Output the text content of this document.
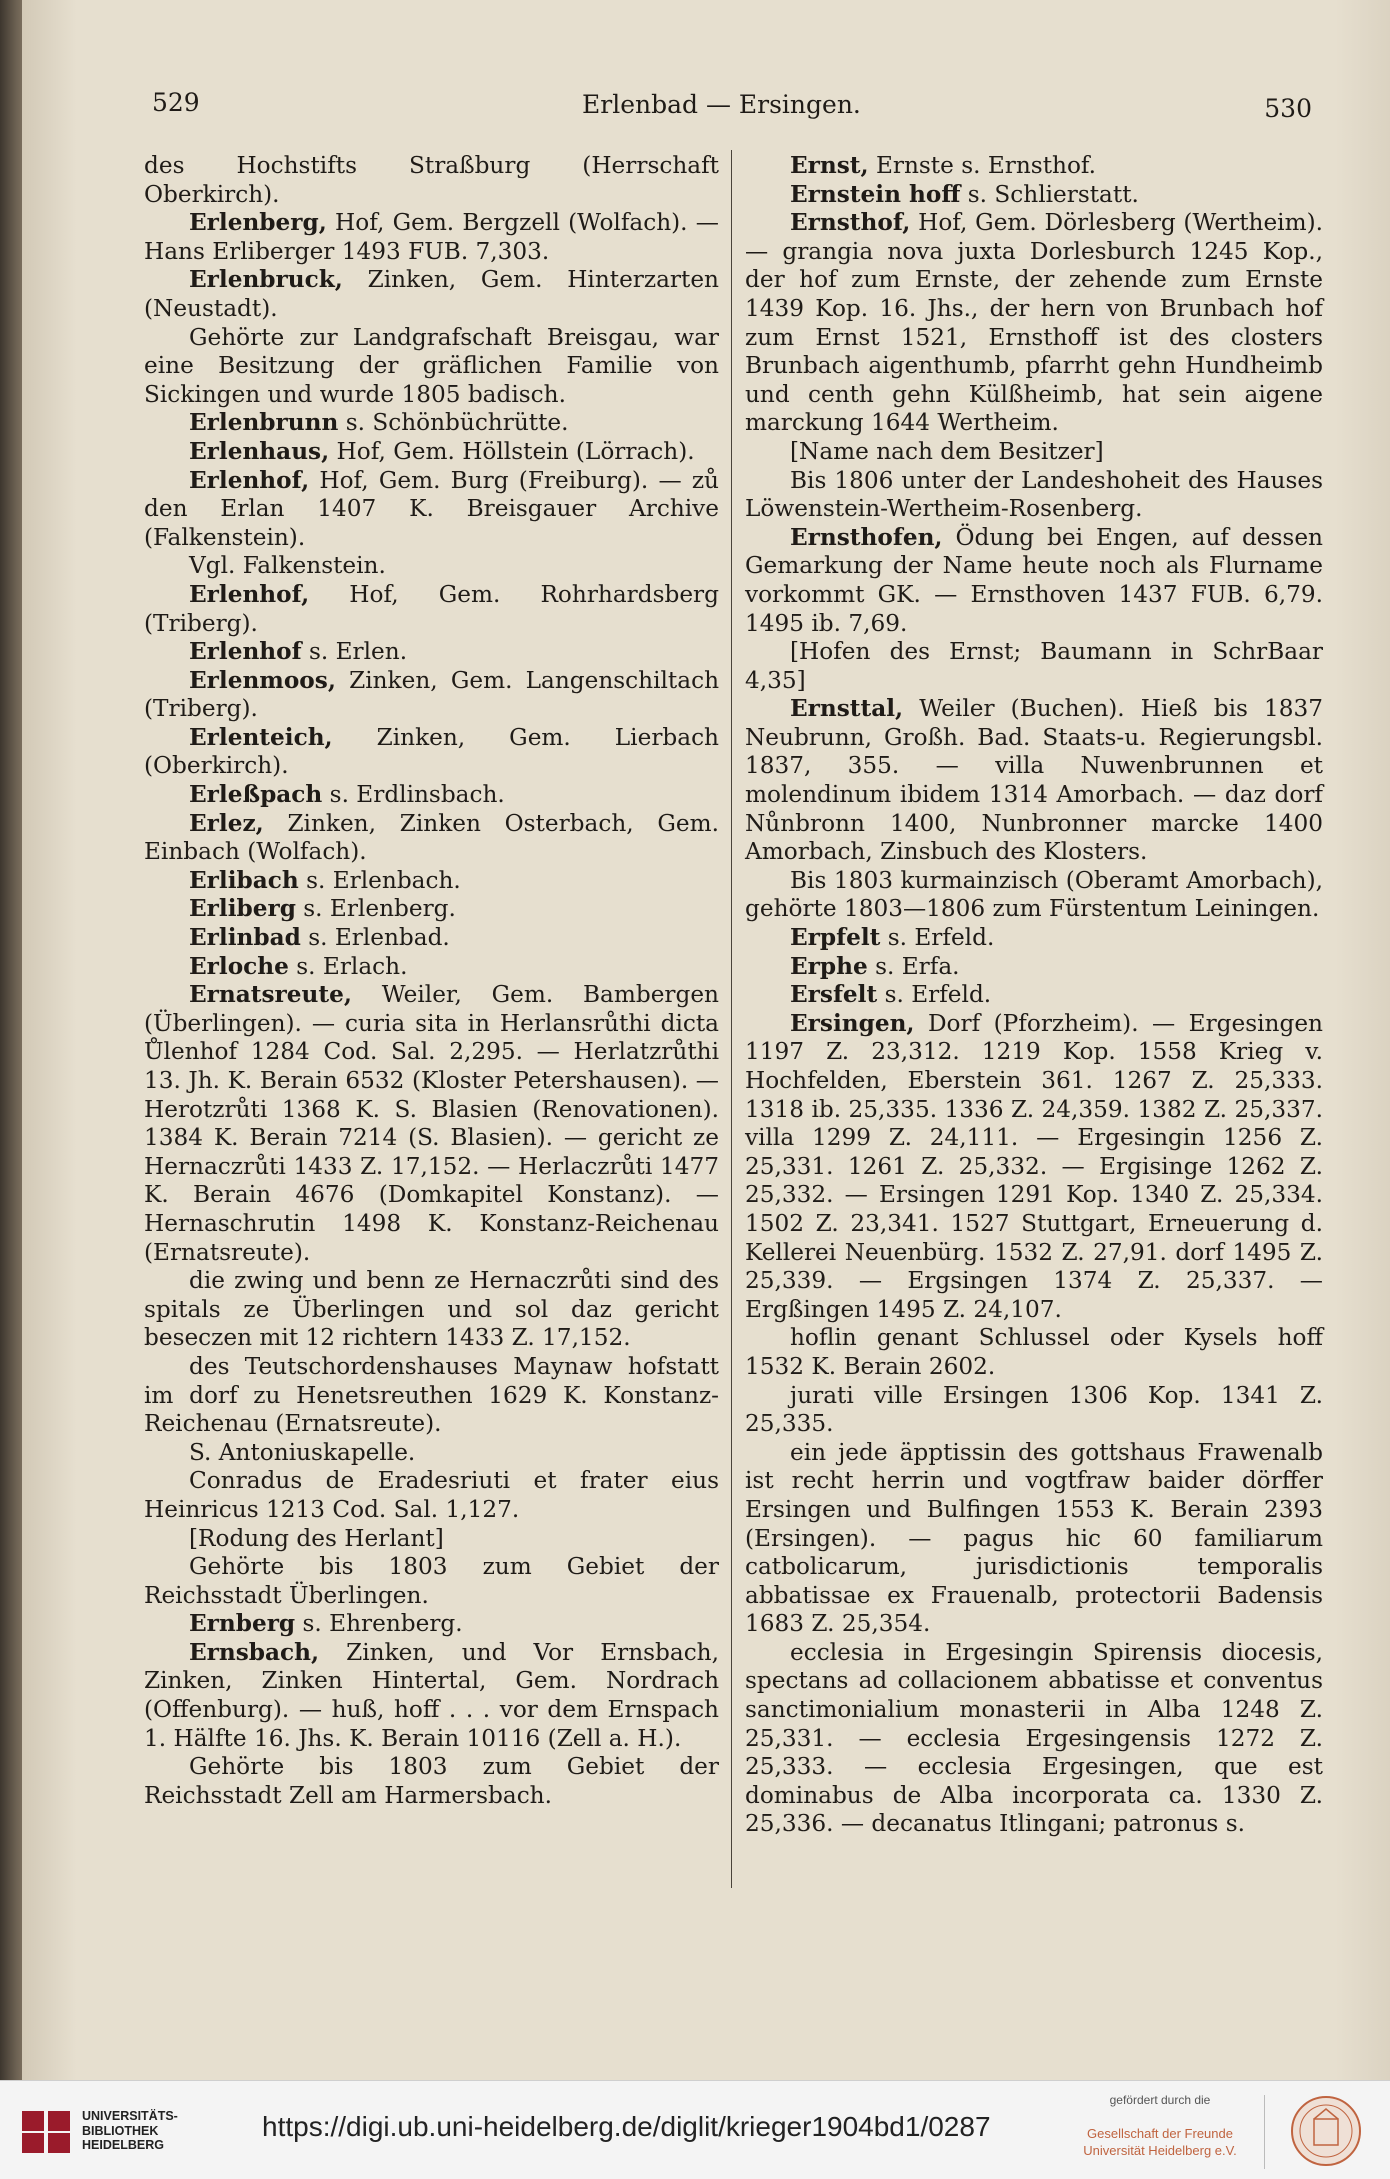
529	Erlenbad — Ersingen.	530

des Hochstifts Straßburg (Herrschaft Oberkirch).

Erlenberg, Hof, Gem. Bergzell (Wolfach). — Hans Erliberger 1493 FUB. 7,303.

Erlenbruck, Zinken, Gem. Hinterzarten (Neustadt).

Gehörte zur Landgrafschaft Breisgau, war eine Besitzung der gräflichen Familie von Sickingen und wurde 1805 badisch.

Erlenbrunn s. Schönbüchrütte.

Erlenhaus, Hof, Gem. Höllstein (Lörrach).

Erlenhof, Hof, Gem. Burg (Freiburg). — zů den Erlan 1407 K. Breisgauer Archive (Falkenstein).

Vgl. Falkenstein.

Erlenhof, Hof, Gem. Rohrhardsberg (Triberg).

Erlenhof s. Erlen.

Erlenmoos, Zinken, Gem. Langenschiltach (Triberg).

Erlenteich, Zinken, Gem. Lierbach (Oberkirch).

Erleßpach s. Erdlinsbach.

Erlez, Zinken, Zinken Osterbach, Gem. Einbach (Wolfach).

Erlibach s. Erlenbach.

Erliberg s. Erlenberg.

Erlinbad s. Erlenbad.

Erloche s. Erlach.

Ernatsreute, Weiler, Gem. Bambergen (Überlingen). — curia sita in Herlansrůthi dicta Ůlenhof 1284 Cod. Sal. 2,295. — Herlatzrůthi 13. Jh. K. Berain 6532 (Kloster Petershausen). — Herotzrůti 1368 K. S. Blasien (Renovationen). 1384 K. Berain 7214 (S. Blasien). — gericht ze Hernaczrůti 1433 Z. 17,152. — Herlaczrůti 1477 K. Berain 4676 (Domkapitel Konstanz). — Hernaschrutin 1498 K. Konstanz-Reichenau (Ernatsreute).

die zwing und benn ze Hernaczrůti sind des spitals ze Überlingen und sol daz gericht beseczen mit 12 richtern 1433 Z. 17,152.

des Teutschordenshauses Maynaw hofstatt im dorf zu Henetsreuthen 1629 K. Konstanz-Reichenau (Ernatsreute).

S. Antoniuskapelle.

Conradus de Eradesriuti et frater eius Heinricus 1213 Cod. Sal. 1,127.

[Rodung des Herlant]

Gehörte bis 1803 zum Gebiet der Reichsstadt Überlingen.

Ernberg s. Ehrenberg.

Ernsbach, Zinken, und Vor Ernsbach, Zinken, Zinken Hintertal, Gem. Nordrach (Offenburg). — huß, hoff . . . vor dem Ernspach 1. Hälfte 16. Jhs. K. Berain 10116 (Zell a. H.).

Gehörte bis 1803 zum Gebiet der Reichsstadt Zell am Harmersbach.

Ernst, Ernste s. Ernsthof.

Ernstein hoff s. Schlierstatt.

Ernsthof, Hof, Gem. Dörlesberg (Wertheim). — grangia nova juxta Dorlesburch 1245 Kop., der hof zum Ernste, der zehende zum Ernste 1439 Kop. 16. Jhs., der hern von Brunbach hof zum Ernst 1521, Ernsthoff ist des closters Brunbach aigenthumb, pfarrht gehn Hundheimb und centh gehn Külßheimb, hat sein aigene marckung 1644 Wertheim.

[Name nach dem Besitzer]

Bis 1806 unter der Landeshoheit des Hauses Löwenstein-Wertheim-Rosenberg.

Ernsthofen, Ödung bei Engen, auf dessen Gemarkung der Name heute noch als Flurname vorkommt GK. — Ernsthoven 1437 FUB. 6,79. 1495 ib. 7,69.

[Hofen des Ernst; Baumann in SchrBaar 4,35]

Ernsttal, Weiler (Buchen). Hieß bis 1837 Neubrunn, Großh. Bad. Staats-u. Regierungsbl. 1837, 355. — villa Nuwenbrunnen et molendinum ibidem 1314 Amorbach. — daz dorf Nůnbronn 1400, Nunbronner marcke 1400 Amorbach, Zinsbuch des Klosters.

Bis 1803 kurmainzisch (Oberamt Amorbach), gehörte 1803—1806 zum Fürstentum Leiningen.

Erpfelt s. Erfeld.

Erphe s. Erfa.

Ersfelt s. Erfeld.

Ersingen, Dorf (Pforzheim). — Ergesingen 1197 Z. 23,312. 1219 Kop. 1558 Krieg v. Hochfelden, Eberstein 361. 1267 Z. 25,333. 1318 ib. 25,335. 1336 Z. 24,359. 1382 Z. 25,337. villa 1299 Z. 24,111. — Ergesingin 1256 Z. 25,331. 1261 Z. 25,332. — Ergisinge 1262 Z. 25,332. — Ersingen 1291 Kop. 1340 Z. 25,334. 1502 Z. 23,341. 1527 Stuttgart, Erneuerung d. Kellerei Neuenbürg. 1532 Z. 27,91. dorf 1495 Z. 25,339. — Ergsingen 1374 Z. 25,337. — Ergßingen 1495 Z. 24,107.

hoflin genant Schlussel oder Kysels hoff 1532 K. Berain 2602.

jurati ville Ersingen 1306 Kop. 1341 Z. 25,335.

ein jede äpptissin des gottshaus Frawenalb ist recht herrin und vogtfraw baider dörffer Ersingen und Bulfingen 1553 K. Berain 2393 (Ersingen). — pagus hic 60 familiarum catbolicarum, jurisdictionis temporalis abbatissae ex Frauenalb, protectorii Badensis 1683 Z. 25,354.

ecclesia in Ergesingin Spirensis diocesis, spectans ad collacionem abbatisse et conventus sanctimonialium monasterii in Alba 1248 Z. 25,331. — ecclesia Ergesingensis 1272 Z. 25,333. — ecclesia Ergesingen, que est dominabus de Alba incorporata ca. 1330 Z. 25,336. — decanatus Itlingani; patronus s.

UNIVERSITÄTS-
BIBLIOTHEK
HEIDELBERG
https://digi.ub.uni-heidelberg.de/diglit/krieger1904bd1/0287
gefördert durch die
Gesellschaft der Freunde
Universität Heidelberg e.V.
